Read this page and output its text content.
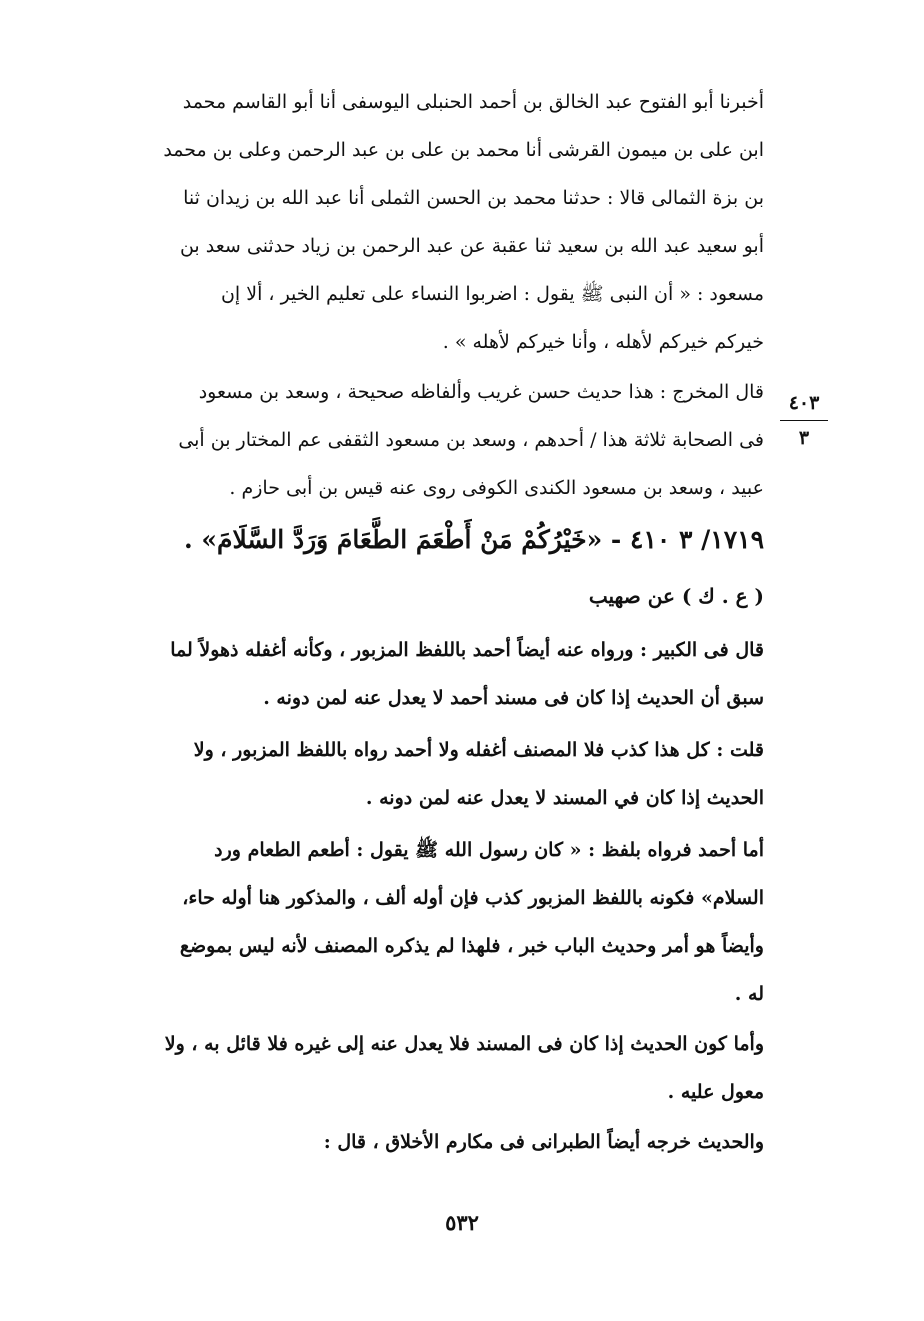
أخبرنا أبو الفتوح عبد الخالق بن أحمد الحنبلى اليوسفى أنا أبو القاسم محمد
ابن على بن ميمون القرشى أنا محمد بن على بن عبد الرحمن وعلى بن محمد
بن بزة الثمالى قالا : حدثنا محمد بن الحسن الثملى أنا عبد الله بن زيدان ثنا
أبو سعيد عبد الله بن سعيد ثنا عقبة عن عبد الرحمن بن زياد حدثنى سعد بن
مسعود : « أن النبى ﷺ يقول : اضربوا النساء على تعليم الخير ، ألا إن
خيركم خيركم لأهله ، وأنا خيركم لأهله » .
قال المخرج : هذا حديث حسن غريب وألفاظه صحيحة ، وسعد بن مسعود
فى الصحابة ثلاثة هذا / أحدهم ، وسعد بن مسعود الثقفى عم المختار بن أبى
عبيد ، وسعد بن مسعود الكندى الكوفى روى عنه قيس بن أبى حازم .
٤٠٣
٣
١٧١٩/ ٣ ٤١٠ - «خَيْرُكُمْ مَنْ أَطْعَمَ الطَّعَامَ وَرَدَّ السَّلَامَ» .
( ع . ك ) عن صهيب
قال فى الكبير : ورواه عنه أيضاً أحمد باللفظ المزبور ، وكأنه أغفله ذهولاً لما
سبق أن الحديث إذا كان فى مسند أحمد لا يعدل عنه لمن دونه .
قلت : كل هذا كذب فلا المصنف أغفله ولا أحمد رواه باللفظ المزبور ، ولا
الحديث إذا كان في المسند لا يعدل عنه لمن دونه .
أما أحمد فرواه بلفظ : « كان رسول الله ﷺ يقول : أطعم الطعام ورد
السلام» فكونه باللفظ المزبور كذب فإن أوله ألف ، والمذكور هنا أوله حاء،
وأيضاً هو أمر وحديث الباب خبر ، فلهذا لم يذكره المصنف لأنه ليس بموضع
له .
وأما كون الحديث إذا كان فى المسند فلا يعدل عنه إلى غيره فلا قائل به ، ولا
معول عليه .
والحديث خرجه أيضاً الطبرانى فى مكارم الأخلاق ، قال :
٥٣٢
